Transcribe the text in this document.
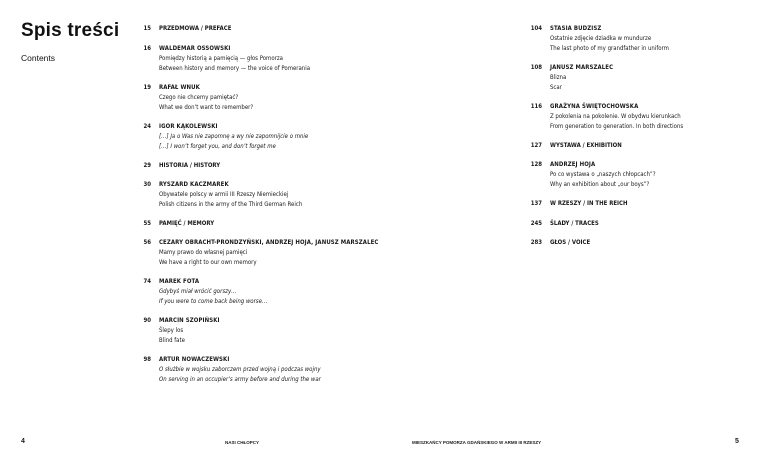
Spis treści
Contents
15 PRZEDMOWA / PREFACE
16 WALDEMAR OSSOWSKI
Pomiędzy historią a pamięcią — głos Pomorza
Between history and memory — the voice of Pomerania
19 RAFAŁ WNUK
Czego nie chcemy pamiętać?
What we don’t want to remember?
24 IGOR KĄKOLEWSKI
[…] Ja o Was nie zapomnę a wy nie zapomnijcie o mnie
[…] I won’t forget you, and don’t forget me
29 HISTORIA / HISTORY
30 RYSZARD KACZMAREK
Obywatele polscy w armii III Rzeszy Niemieckiej
Polish citizens in the army of the Third German Reich
55 PAMIĘĆ / MEMORY
56 CEZARY OBRACHT-PRONDZYŃSKI, ANDRZEJ HOJA, JANUSZ MARSZALEC
Mamy prawo do własnej pamięci
We have a right to our own memory
74 MAREK FOTA
Gdybyś miał wrócić gorszy…
If you were to come back being worse…
90 MARCIN SZOPIŃSKI
Ślepy los
Blind fate
98 ARTUR NOWACZEWSKI
O służbie w wojsku zaborczem przed wojną i podczas wojny
On serving in an occupier’s army before and during the war
104 STASIA BUDZISZ
Ostatnie zdjęcie dziadka w mundurze
The last photo of my grandfather in uniform
108 JANUSZ MARSZALEC
Blizna
Scar
116 GRAŻYNA ŚWIĘTOCHOWSKA
Z pokolenia na pokolenie. W obydwu kierunkach
From generation to generation. In both directions
127 WYSTAWA / EXHIBITION
128 ANDRZEJ HOJA
Po co wystawa o „naszych chłopcach”?
Why an exhibition about „our boys”?
137 W RZESZY / IN THE REICH
245 ŚLADY / TRACES
283 GŁOS / VOICE
4	NASI CHŁOPCY	MIESZKAŃCY POMORZA GDAŃSKIEGO W ARMII III RZESZY	5
